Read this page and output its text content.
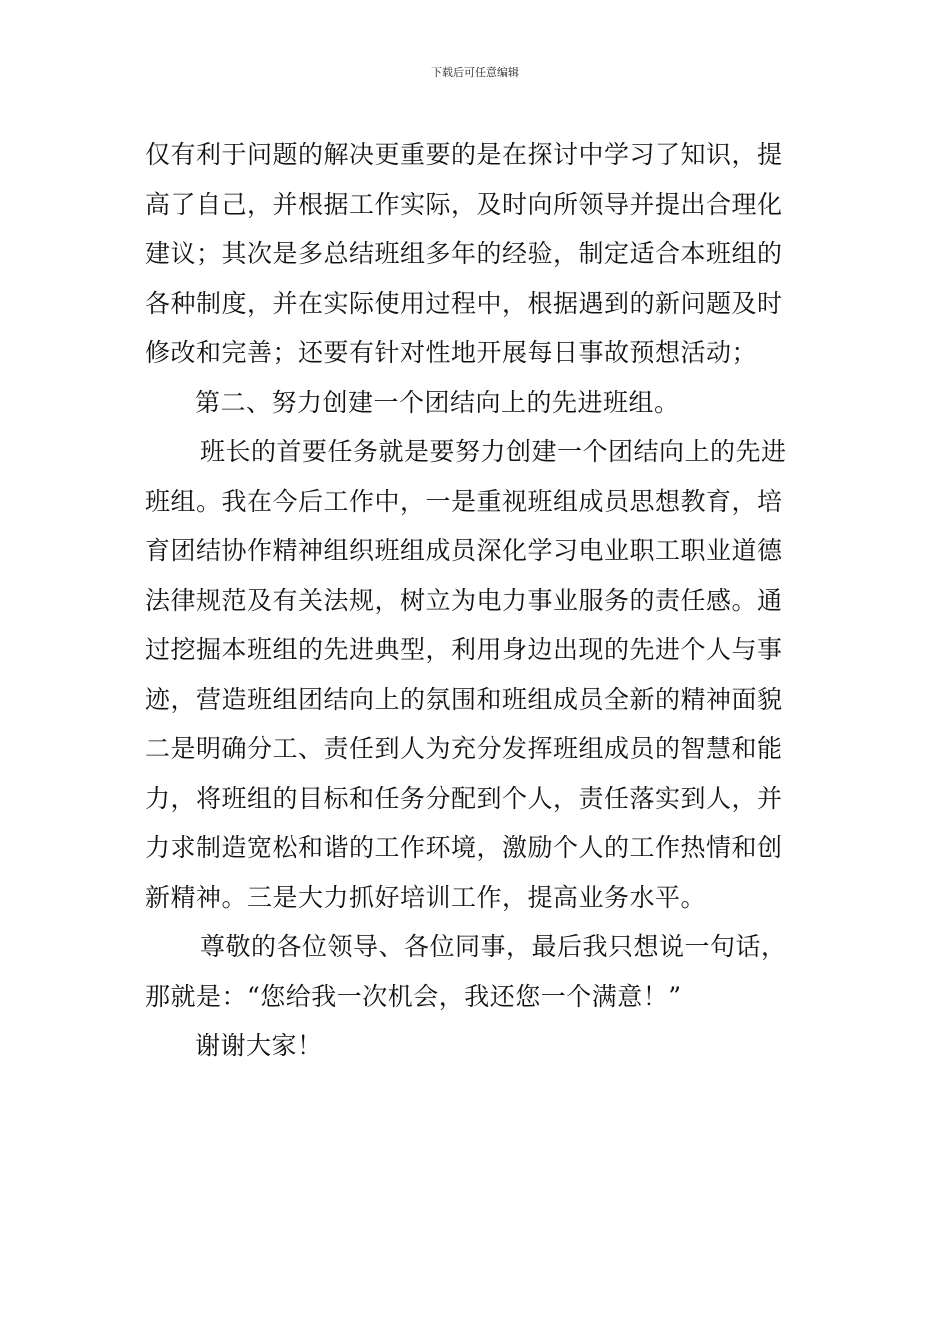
下载后可任意编辑
仅有利于问题的解决更重要的是在探讨中学习了知识，提
高了自己，并根据工作实际，及时向所领导并提出合理化
建议；其次是多总结班组多年的经验，制定适合本班组的
各种制度，并在实际使用过程中，根据遇到的新问题及时
修改和完善；还要有针对性地开展每日事故预想活动；
第二、努力创建一个团结向上的先进班组。
班长的首要任务就是要努力创建一个团结向上的先进
班组。我在今后工作中，一是重视班组成员思想教育，培
育团结协作精神组织班组成员深化学习电业职工职业道德
法律规范及有关法规，树立为电力事业服务的责任感。通
过挖掘本班组的先进典型，利用身边出现的先进个人与事
迹，营造班组团结向上的氛围和班组成员全新的精神面貌
二是明确分工、责任到人为充分发挥班组成员的智慧和能
力，将班组的目标和任务分配到个人，责任落实到人，并
力求制造宽松和谐的工作环境，激励个人的工作热情和创
新精神。三是大力抓好培训工作，提高业务水平。
尊敬的各位领导、各位同事，最后我只想说一句话，
那就是：“您给我一次机会，我还您一个满意！”
谢谢大家！
